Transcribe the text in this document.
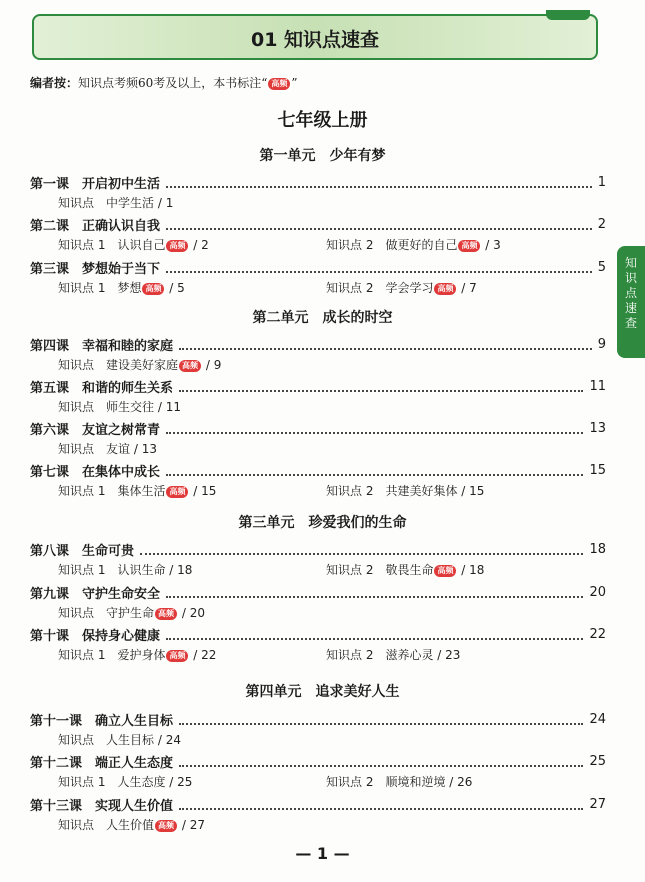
01 知识点速查
编者按：知识点考频60考及以上，本书标注“ 高频 ”
七年级上册
第一单元　少年有梦
第一课　开启初中生活	1
知识点　中学生活 / 1
第二课　正确认识自我	2
知识点 1　认识自己 高频 / 2	知识点 2　做更好的自己 高频 / 3
第三课　梦想始于当下	5
知识点 1　梦想 高频 / 5	知识点 2　学会学习 高频 / 7
第二单元　成长的时空
第四课　幸福和睦的家庭	9
知识点　建设美好家庭 高频 / 9
第五课　和谐的师生关系	11
知识点　师生交往 / 11
第六课　友谊之树常青	13
知识点　友谊 / 13
第七课　在集体中成长	15
知识点 1　集体生活 高频 / 15	知识点 2　共建美好集体 / 15
第三单元　珍爱我们的生命
第八课　生命可贵	18
知识点 1　认识生命 / 18	知识点 2　敬畏生命 高频 / 18
第九课　守护生命安全	20
知识点　守护生命 高频 / 20
第十课　保持身心健康	22
知识点 1　爱护身体 高频 / 22	知识点 2　滋养心灵 / 23
第四单元　追求美好人生
第十一课　确立人生目标	24
知识点　人生目标 / 24
第十二课　端正人生态度	25
知识点 1　人生态度 / 25	知识点 2　顺境和逆境 / 26
第十三课　实现人生价值	27
知识点　人生价值 高频 / 27
知识点速查
— 1 —
